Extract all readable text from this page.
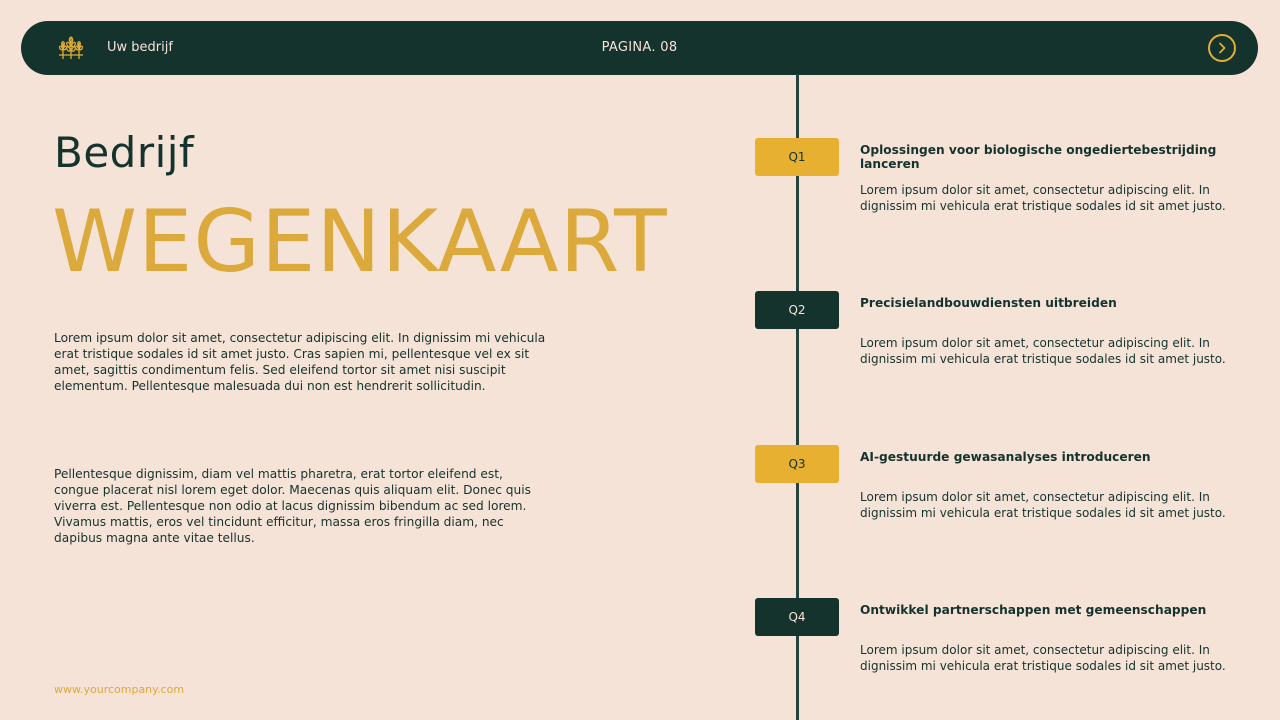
Uw bedrijf	PAGINA. 08
Bedrijf
WEGENKAART

Lorem ipsum dolor sit amet, consectetur adipiscing elit. In dignissim mi vehicula erat tristique sodales id sit amet justo. Cras sapien mi, pellentesque vel ex sit amet, sagittis condimentum felis. Sed eleifend tortor sit amet nisi suscipit elementum. Pellentesque malesuada dui non est hendrerit sollicitudin.

Pellentesque dignissim, diam vel mattis pharetra, erat tortor eleifend est, congue placerat nisl lorem eget dolor. Maecenas quis aliquam elit. Donec quis viverra est. Pellentesque non odio at lacus dignissim bibendum ac sed lorem. Vivamus mattis, eros vel tincidunt efficitur, massa eros fringilla diam, nec dapibus magna ante vitae tellus.

www.yourcompany.com
Q1	Oplossingen voor biologische ongediertebestrijding lanceren
Lorem ipsum dolor sit amet, consectetur adipiscing elit. In dignissim mi vehicula erat tristique sodales id sit amet justo.
Q2	Precisielandbouwdiensten uitbreiden
Lorem ipsum dolor sit amet, consectetur adipiscing elit. In dignissim mi vehicula erat tristique sodales id sit amet justo.
Q3	AI-gestuurde gewasanalyses introduceren
Lorem ipsum dolor sit amet, consectetur adipiscing elit. In dignissim mi vehicula erat tristique sodales id sit amet justo.
Q4	Ontwikkel partnerschappen met gemeenschappen
Lorem ipsum dolor sit amet, consectetur adipiscing elit. In dignissim mi vehicula erat tristique sodales id sit amet justo.
